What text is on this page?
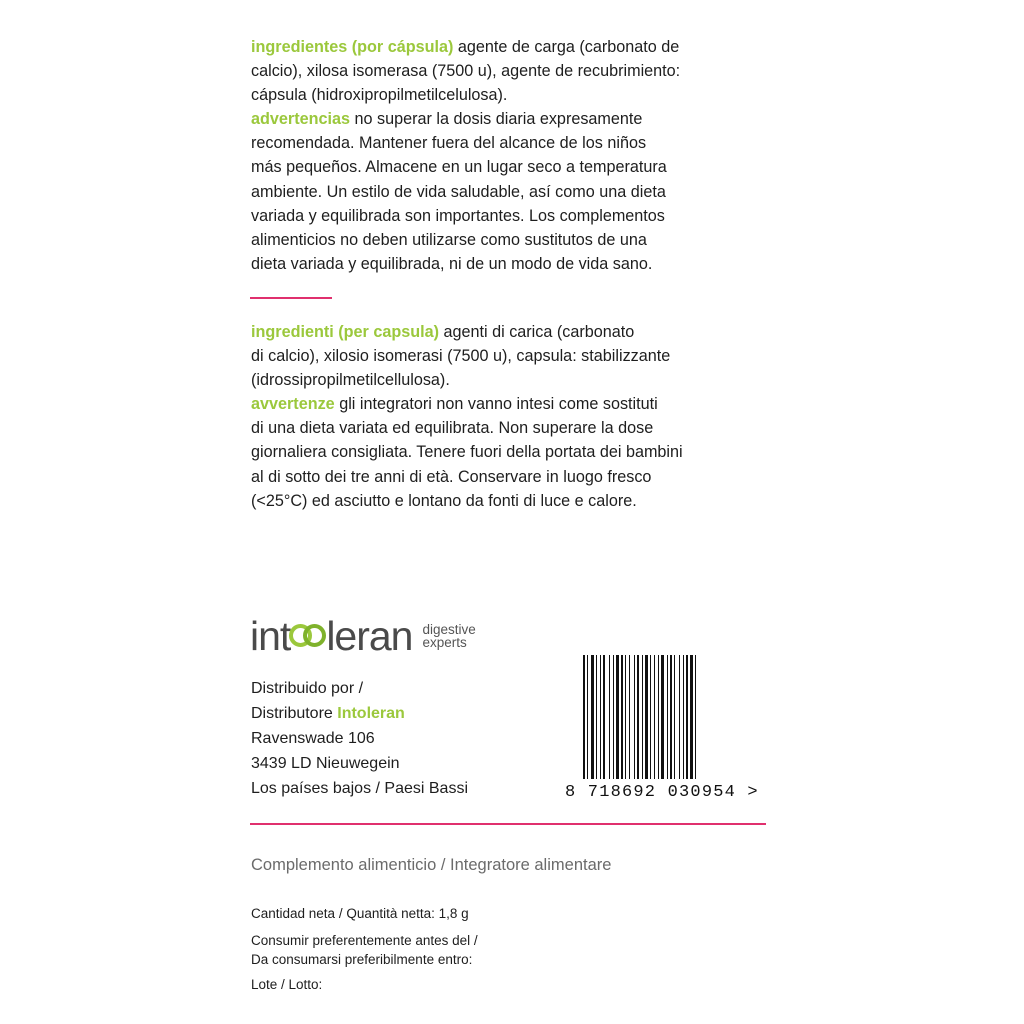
ingredientes (por cápsula) agente de carga (carbonato de
calcio), xilosa isomerasa (7500 u), agente de recubrimiento:
cápsula (hidroxipropilmetilcelulosa).

advertencias no superar la dosis diaria expresamente
recomendada. Mantener fuera del alcance de los niños
más pequeños. Almacene en un lugar seco a temperatura
ambiente. Un estilo de vida saludable, así como una dieta
variada y equilibrada son importantes. Los complementos
alimenticios no deben utilizarse como sustitutos de una
dieta variada y equilibrada, ni de un modo de vida sano.

ingredienti (per capsula) agenti di carica (carbonato
di calcio), xilosio isomerasi (7500 u), capsula: stabilizzante
(idrossipropilmetilcellulosa).

avvertenze gli integratori non vanno intesi come sostituti
di una dieta variata ed equilibrata. Non superare la dose
giornaliera consigliata. Tenere fuori della portata dei bambini
al di sotto dei tre anni di età. Conservare in luogo fresco
(<25°C) ed asciutto e lontano da fonti di luce e calore.

int leran digestive
experts
Distribuido por /
Distributore Intoleran
Ravenswade 106
3439 LD Nieuwegein
Los países bajos / Paesi Bassi	8 718692 030954 >
Complemento alimenticio / Integratore alimentare
Cantidad neta / Quantità netta: 1,8 g
Consumir preferentemente antes del /
Da consumarsi preferibilmente entro:
Lote / Lotto:
